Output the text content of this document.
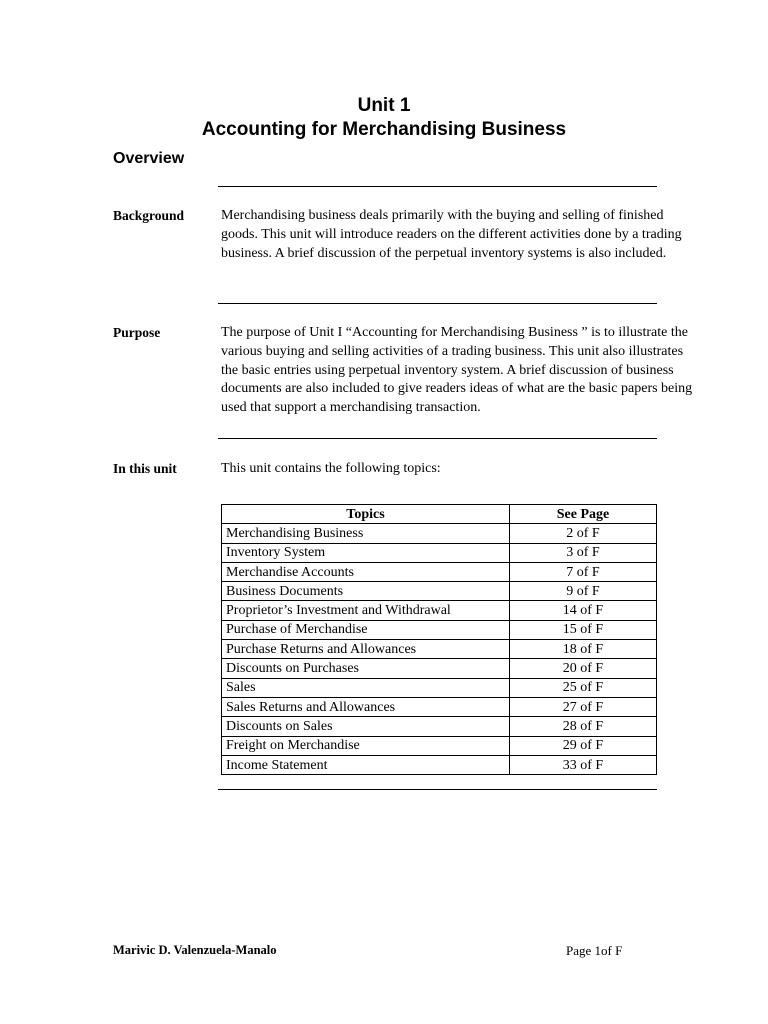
Unit 1
Accounting for Merchandising Business
Overview
Background	Merchandising business deals primarily with the buying and selling of finished goods. This unit will introduce readers on the different activities done by a trading business. A brief discussion of the perpetual inventory systems is also included.
Purpose	The purpose of Unit I “Accounting for Merchandising Business ” is to illustrate the various buying and selling activities of a trading business. This unit also illustrates the basic entries using perpetual inventory system. A brief discussion of business documents are also included to give readers ideas of what are the basic papers being used that support a merchandising transaction.
In this unit	This unit contains the following topics:
Topics	See Page
Merchandising Business	2 of F
Inventory System	3 of F
Merchandise Accounts	7 of F
Business Documents	9 of F
Proprietor’s Investment and Withdrawal	14 of F
Purchase of Merchandise	15 of F
Purchase Returns and Allowances	18 of F
Discounts on Purchases	20 of F
Sales	25 of F
Sales Returns and Allowances	27 of F
Discounts on Sales	28 of F
Freight on Merchandise	29 of F
Income Statement	33 of F
Marivic D. Valenzuela-Manalo	Page 1of F
